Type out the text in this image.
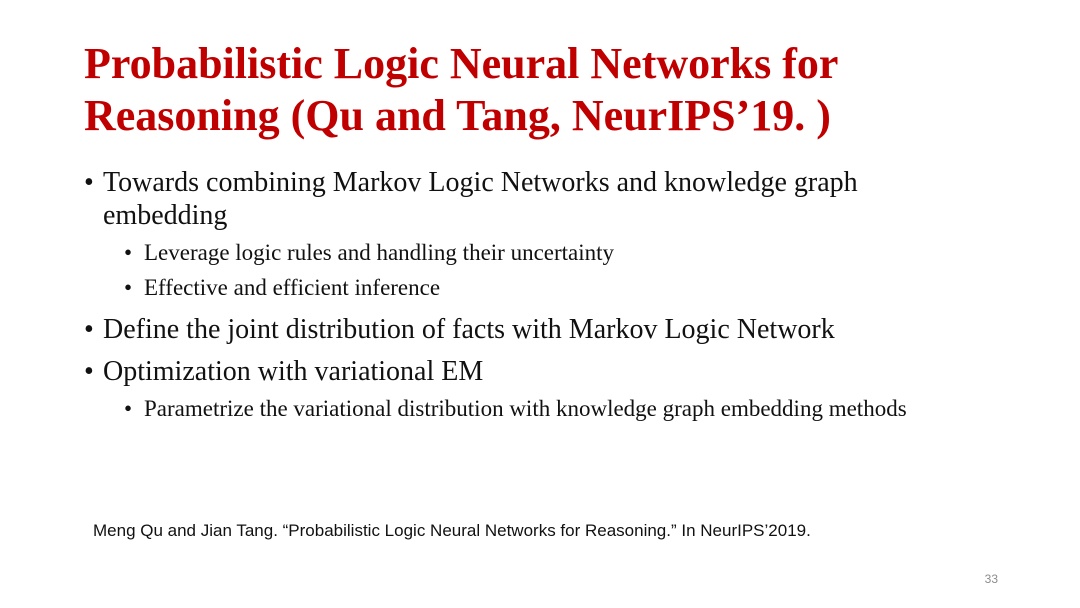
Probabilistic Logic Neural Networks for Reasoning (Qu and Tang, NeurIPS’19. )
• Towards combining Markov Logic Networks and knowledge graph embedding
• Leverage logic rules and handling their uncertainty
• Effective and efficient inference
• Define the joint distribution of facts with Markov Logic Network
• Optimization with variational EM
• Parametrize the variational distribution with knowledge graph embedding methods

Meng Qu and Jian Tang. “Probabilistic Logic Neural Networks for Reasoning.” In NeurIPS’2019.

33
